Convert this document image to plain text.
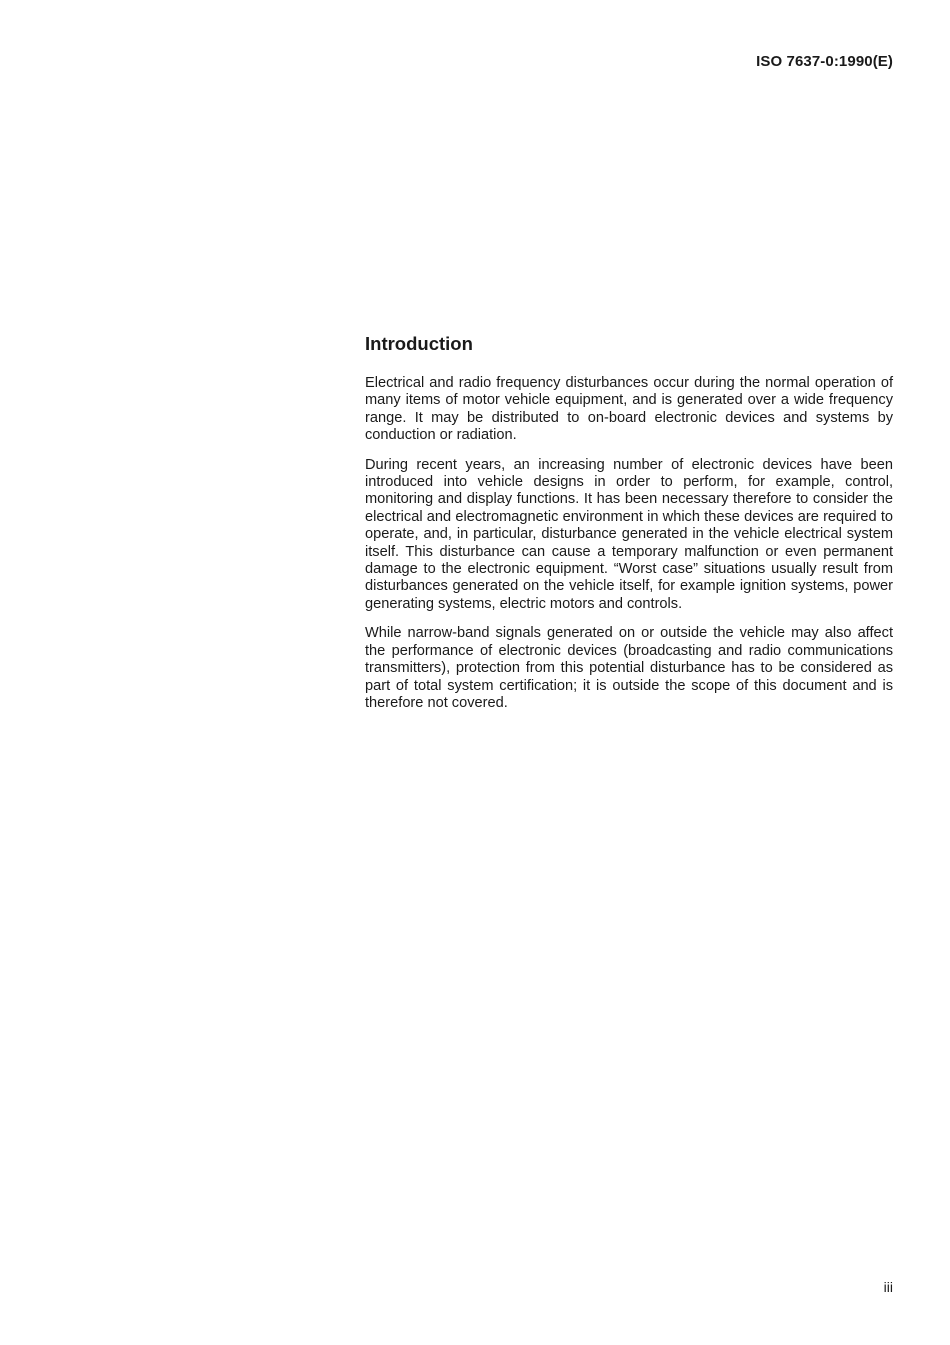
ISO 7637-0:1990(E)
Introduction

Electrical and radio frequency disturbances occur during the normal operation of many items of motor vehicle equipment, and is generated over a wide frequency range. It may be distributed to on-board electronic devices and systems by conduction or radiation.

During recent years, an increasing number of electronic devices have been introduced into vehicle designs in order to perform, for example, control, monitoring and display functions. It has been necessary therefore to consider the electrical and electromagnetic environment in which these devices are required to operate, and, in particular, disturbance generated in the vehicle electrical system itself. This disturbance can cause a temporary malfunction or even permanent damage to the electronic equipment. “Worst case” situations usually result from disturbances generated on the vehicle itself, for example ignition systems, power generating systems, electric motors and controls.

While narrow-band signals generated on or outside the vehicle may also affect the performance of electronic devices (broadcasting and radio communications transmitters), protection from this potential disturbance has to be considered as part of total system certification; it is outside the scope of this document and is therefore not covered.

iii
